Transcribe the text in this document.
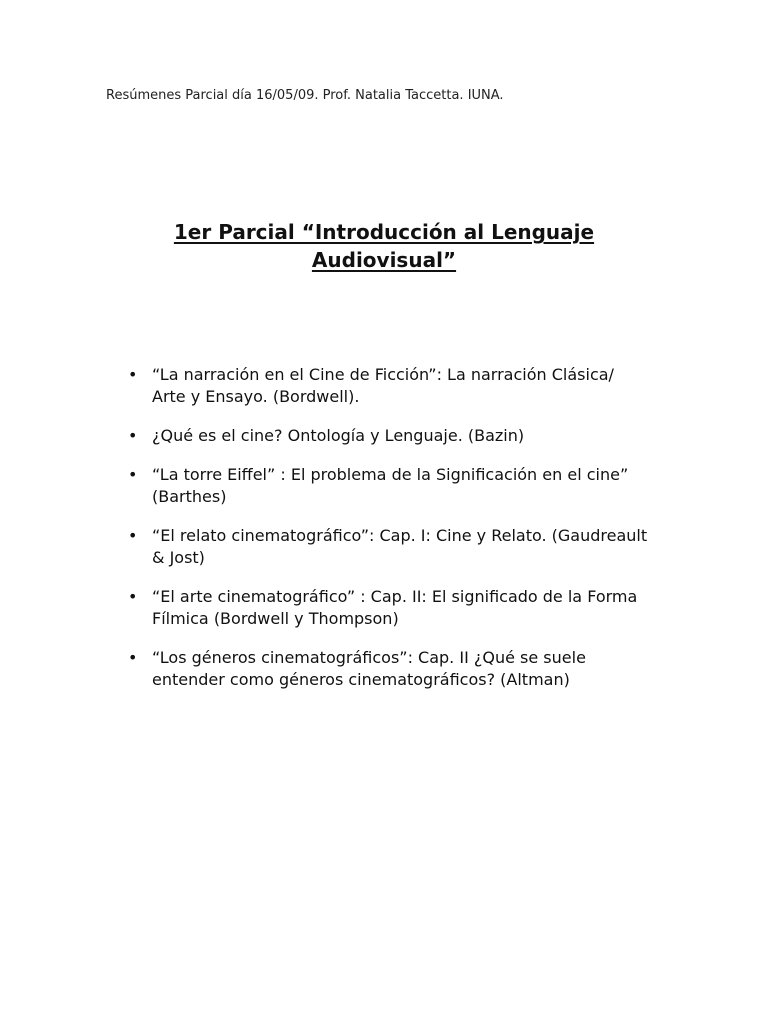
Resúmenes Parcial día 16/05/09. Prof. Natalia Taccetta. IUNA.
1er Parcial “Introducción al Lenguaje
Audiovisual”
• “La narración en el Cine de Ficción”: La narración Clásica/ Arte y Ensayo. (Bordwell).
• ¿Qué es el cine? Ontología y Lenguaje. (Bazin)
• “La torre Eiffel” : El problema de la Significación en el cine” (Barthes)
• “El relato cinematográfico”: Cap. I: Cine y Relato. (Gaudreault & Jost)
• “El arte cinematográfico” : Cap. II: El significado de la Forma Fílmica (Bordwell y Thompson)
• “Los géneros cinematográficos”: Cap. II ¿Qué se suele entender como géneros cinematográficos? (Altman)
